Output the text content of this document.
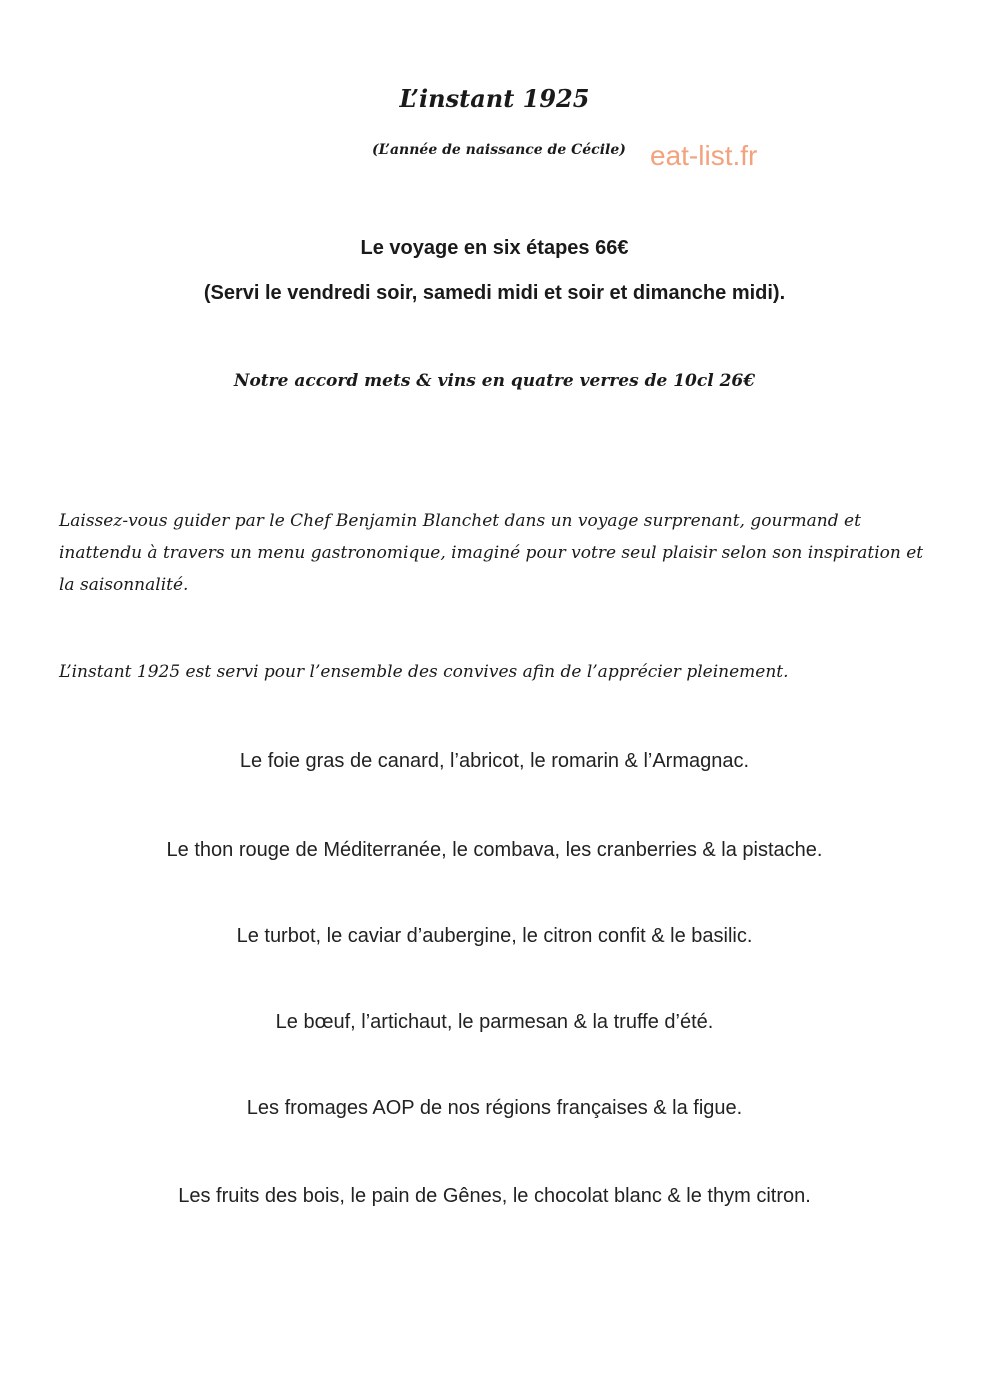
L’instant 1925
(L’année de naissance de Cécile) eat-list.fr
Le voyage en six étapes 66€
(Servi le vendredi soir, samedi midi et soir et dimanche midi).
Notre accord mets & vins en quatre verres de 10cl 26€
Laissez-vous guider par le Chef Benjamin Blanchet dans un voyage surprenant, gourmand et inattendu à travers un menu gastronomique, imaginé pour votre seul plaisir selon son inspiration et la saisonnalité.
L’instant 1925 est servi pour l’ensemble des convives afin de l’apprécier pleinement.
Le foie gras de canard, l’abricot, le romarin & l’Armagnac.
Le thon rouge de Méditerranée, le combava, les cranberries & la pistache.
Le turbot, le caviar d’aubergine, le citron confit & le basilic.
Le bœuf, l’artichaut, le parmesan & la truffe d’été.
Les fromages AOP de nos régions françaises & la figue.
Les fruits des bois, le pain de Gênes, le chocolat blanc & le thym citron.
